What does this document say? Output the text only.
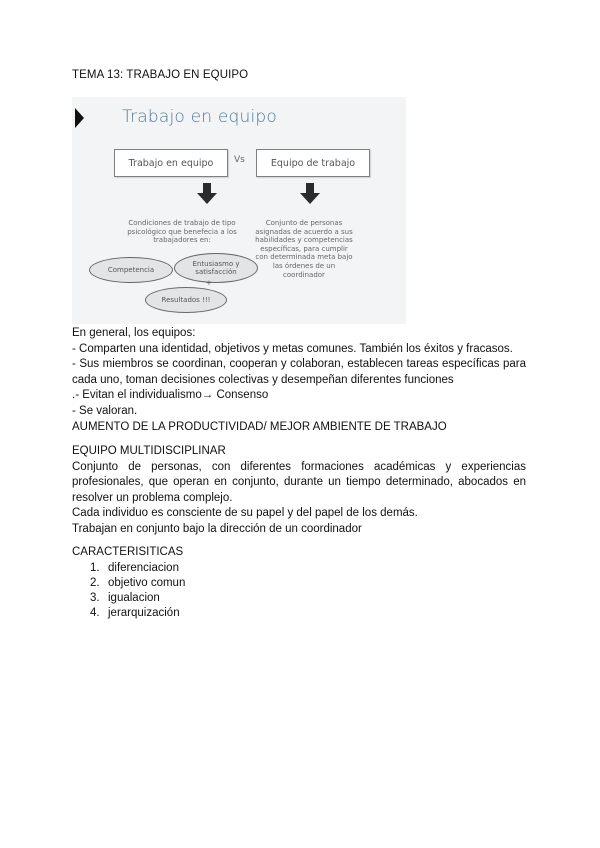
TEMA 13: TRABAJO EN EQUIPO
Trabajo en equipo
Trabajo en equipo	Vs	Equipo de trabajo
Condiciones de trabajo de tipo psicológico que benefecia a los trabajadores en:
Conjunto de personas asignadas de acuerdo a sus habilidades y competencias específicas, para cumplir con determinada meta bajo las órdenes de un coordinador
Competencia
Entusiasmo y satisfacción
+
Resultados !!!
En general, los equipos:
- Comparten una identidad, objetivos y metas comunes. También los éxitos y fracasos.
- Sus miembros se coordinan, cooperan y colaboran, establecen tareas específicas para cada uno, toman decisiones colectivas y desempeñan diferentes funciones
.- Evitan el individualismo→ Consenso
- Se valoran.
AUMENTO DE LA PRODUCTIVIDAD/ MEJOR AMBIENTE DE TRABAJO
EQUIPO MULTIDISCIPLINAR
Conjunto de personas, con diferentes formaciones académicas y experiencias profesionales, que operan en conjunto, durante un tiempo determinado, abocados en resolver un problema complejo.
Cada individuo es consciente de su papel y del papel de los demás.
Trabajan en conjunto bajo la dirección de un coordinador
CARACTERISITICAS
1. diferenciacion
2. objetivo comun
3. igualacion
4. jerarquización
